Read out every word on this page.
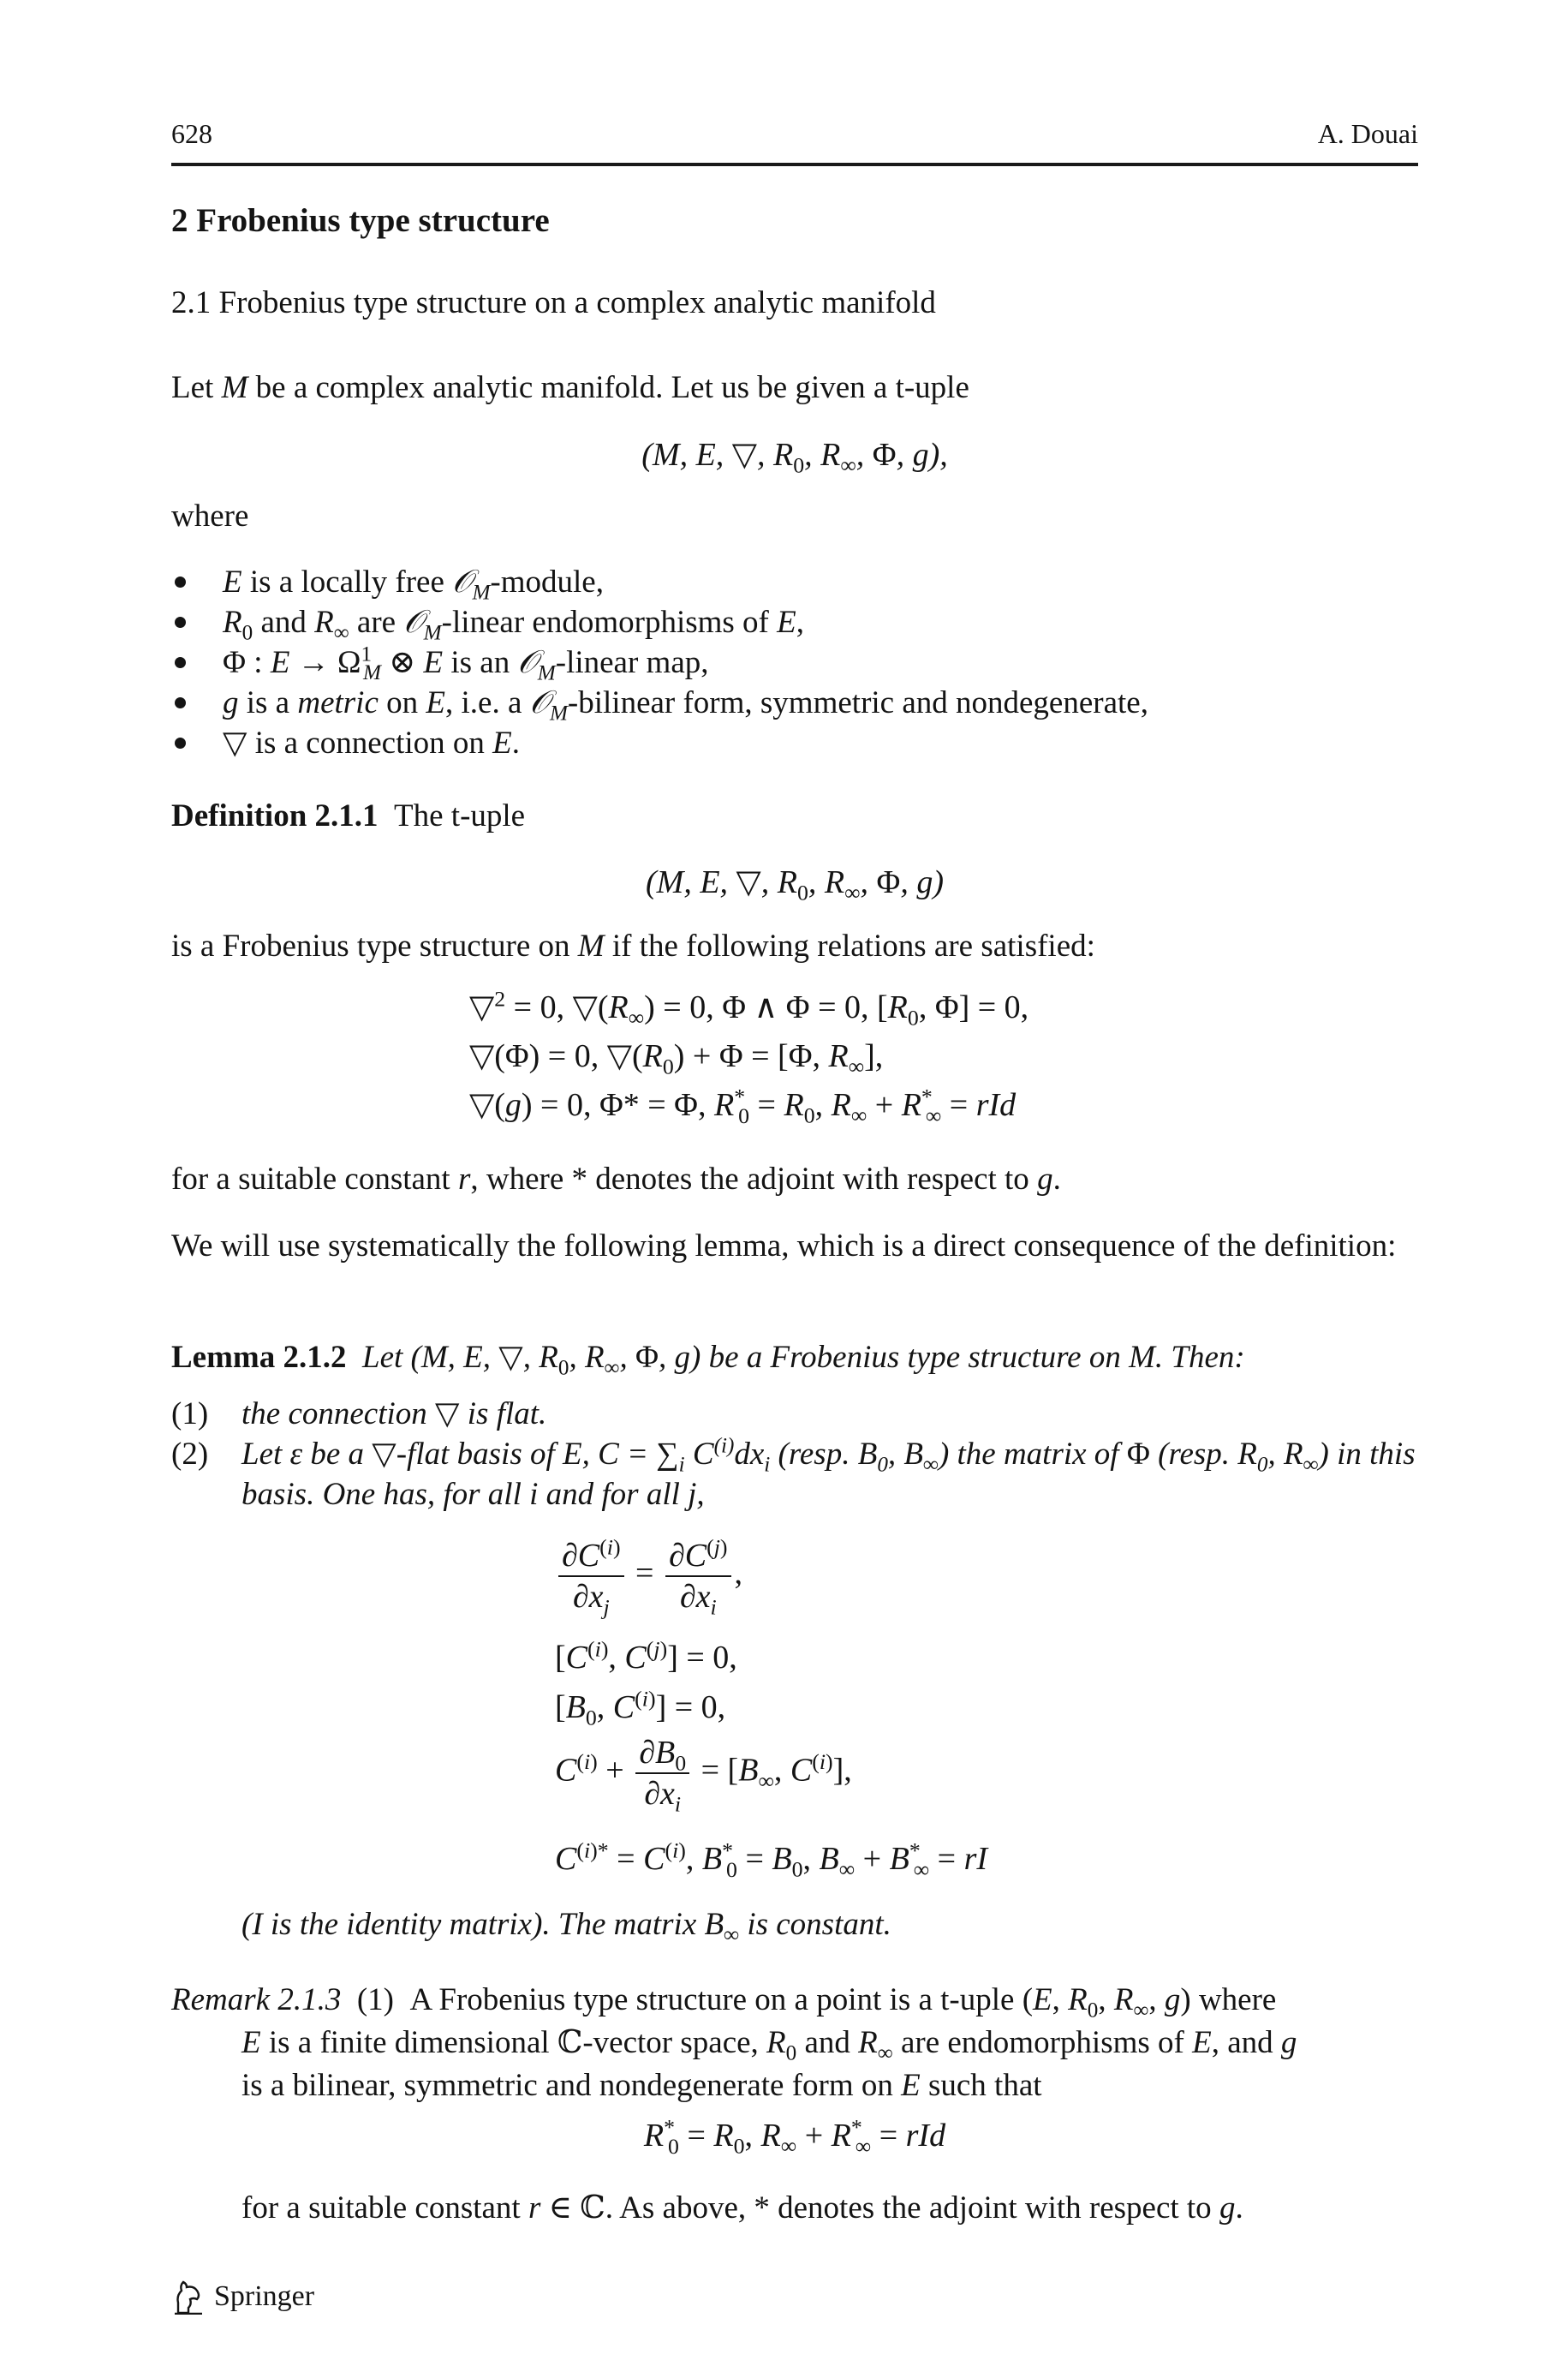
628	A. Douai
2 Frobenius type structure
2.1 Frobenius type structure on a complex analytic manifold
Let M be a complex analytic manifold. Let us be given a t-uple
(M, E, ▽, $R_0$, $R_\infty$, Φ, g),
where
E is a locally free 𝒪$_M$-module,
$R_0$ and $R_\infty$ are 𝒪$_M$-linear endomorphisms of E,
Φ : $E \to \Omega^1_M$ ⊗ E is an 𝒪$_M$-linear map,
g is a metric on E, i.e. a 𝒪$_M$-bilinear form, symmetric and nondegenerate,
▽ is a connection on E.
Definition 2.1.1 The t-uple
(M, E, ▽, $R_0$, $R_\infty$, Φ, g)
is a Frobenius type structure on M if the following relations are satisfied:
▽$^2$ = 0, $▽(R_\infty) = 0$, Φ ∧ Φ = 0, [$R_0$, Φ] = 0,
▽(Φ) = 0, $▽(R_0) + \Phi = [\Phi$, $R_\infty$],
▽(g) = 0, Φ* = Φ, $R^*_0 = R_0$, $R_\infty + R^*_\infty$ = rId
for a suitable constant r, where * denotes the adjoint with respect to g.
We will use systematically the following lemma, which is a direct consequence of the definition:
Lemma 2.1.2 Let (M, E, ▽, $R_0$, $R_\infty$, Φ, g) be a Frobenius type structure on M. Then:
(1) the connection ▽ is flat.
(2) Let ε be a ▽-flat basis of E, $C = \sum_i$ $C^{(i)}dx_i$ (resp. $B_0$, $B_\infty$) the matrix of Φ (resp. $R_0$, $R_\infty$) in this basis. One has, for all i and for all j,
$\frac{\partial C^{(i)}}{\partial x_j} = \frac{\partial C^{(j)}}{\partial x_i}$ ,
[$C^{(i)}$, $C^{(j)}] = 0$,
[$B_0$, $C^{(i)}] = 0$,
$C^{(i)} + \frac{\partial B_0}{\partial x_i} = [B_\infty$, $C^{(i)}$],
$C^{(i)*} = C^{(i)}$, $B^*_0 = B_0$, $B_\infty + B^*_\infty$ = rI
(I is the identity matrix). The matrix $B_\infty$ is constant.
Remark 2.1.3 (1)  A Frobenius type structure on a point is a t-uple (E, $R_0$, $R_\infty$, g) where
E is a finite dimensional ℂ-vector space, $R_0$ and $R_\infty$ are endomorphisms of E, and g
is a bilinear, symmetric and nondegenerate form on E such that
$R^*_0 = R_0$, $R_\infty + R^*_\infty$ = rId
for a suitable constant r ∈ ℂ. As above, * denotes the adjoint with respect to g.
Springer
